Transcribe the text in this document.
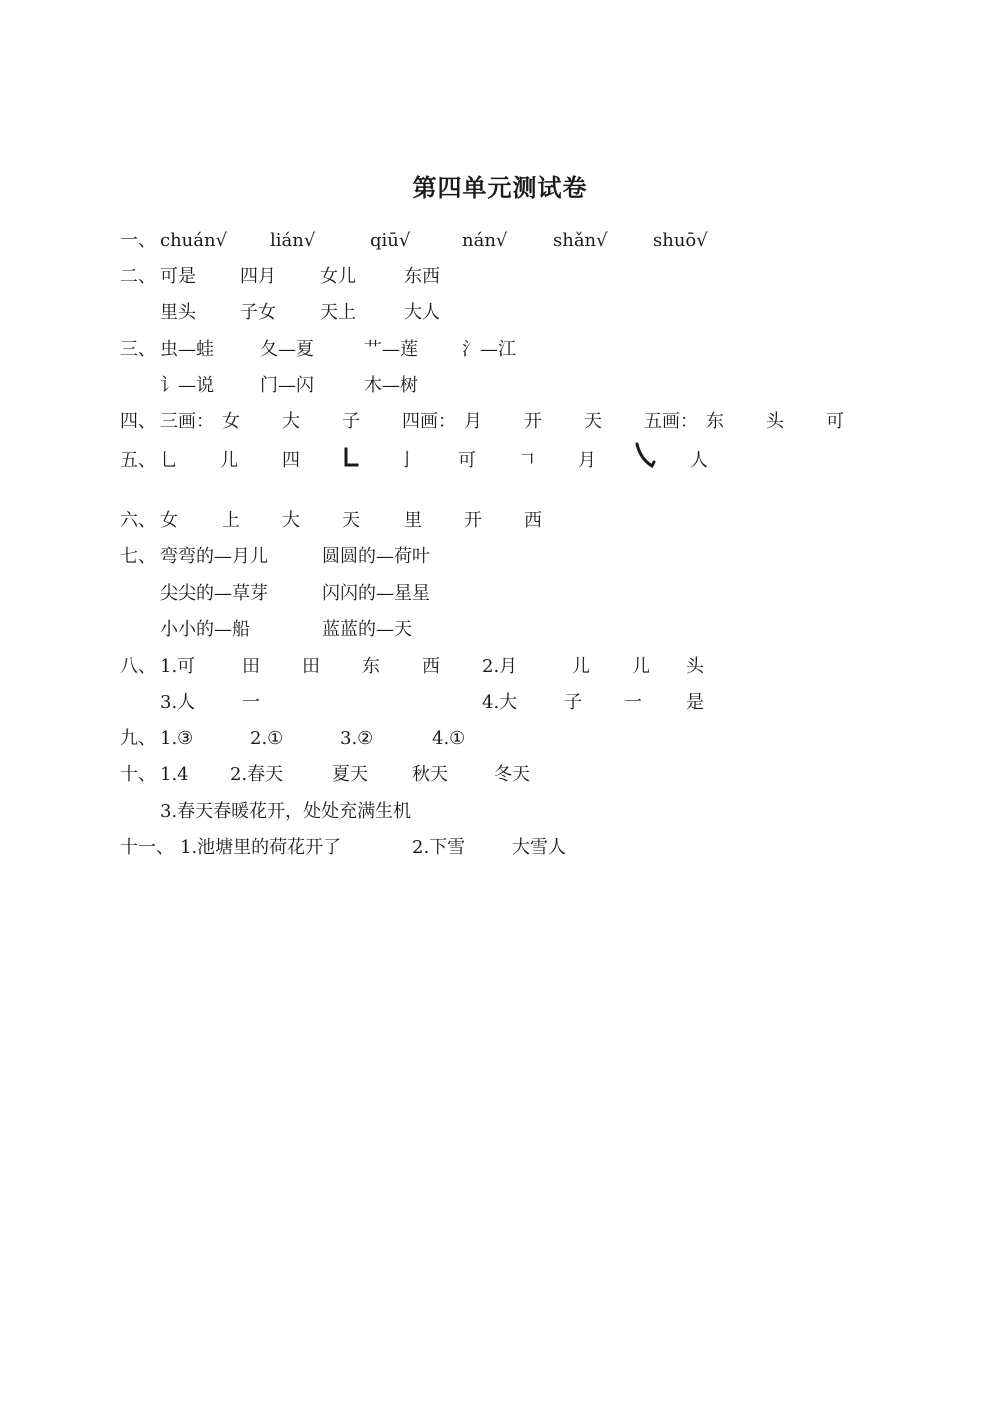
第四单元测试卷
一、 chuán√ lián√	qiū√	nán√	shǎn√	shuō√
二、 可是 四月 女儿	东西
里头 子女 天上	大人
三、 虫—蛙	夂—夏	艹—莲 氵—江
讠—说	门—闪	木—树
四、 三画： 女 大 子 四画： 月 开 天 五画： 东 头 可
五、 ⺃ 儿 四	亅 可 𠃍 月	人
六、 女 上 大 天 里 开 西
七、 弯弯的—月儿	圆圆的—荷叶
尖尖的—草芽	闪闪的—星星
小小的—船	蓝蓝的—天
八、 1.可	田 田 东 西 2.月	儿 儿 头
3.人	一	4.大	子 一 是
九、 1.③	2.①	3.②	4.①
十、 1.4 2.春天	夏天 秋天	冬天
3.春天春暖花开，处处充满生机
十一、 1.池塘里的荷花开了	2.下雪	大雪人
